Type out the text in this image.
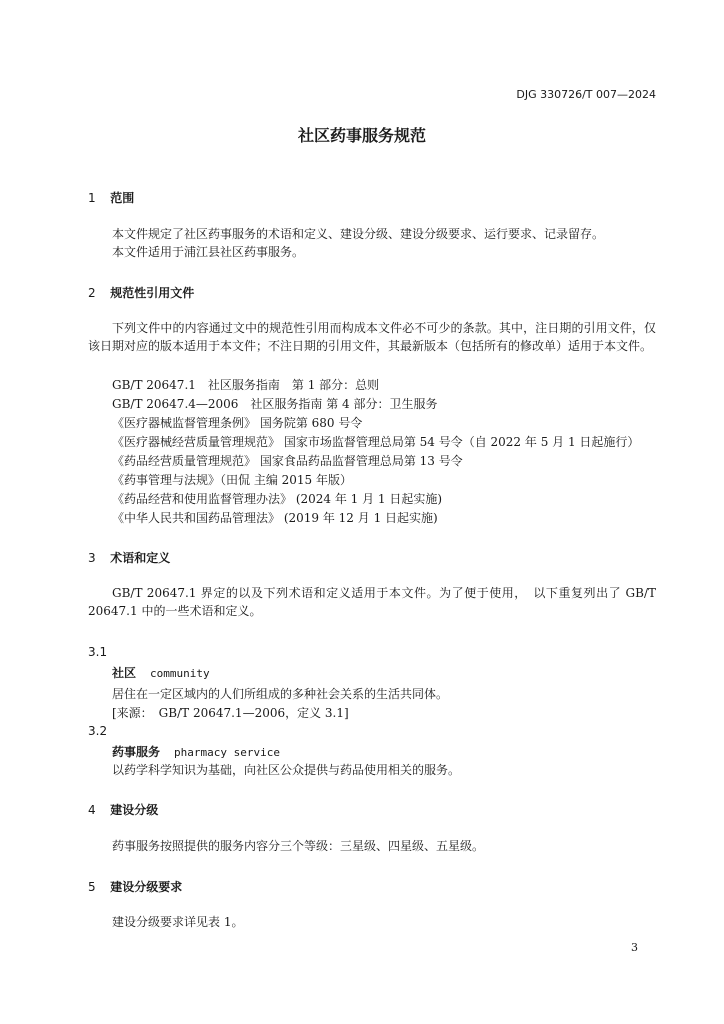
DJG 330726/T 007—2024
社区药事服务规范
1 范围
本文件规定了社区药事服务的术语和定义、建设分级、建设分级要求、运行要求、记录留存。
本文件适用于浦江县社区药事服务。
2 规范性引用文件
下列文件中的内容通过文中的规范性引用而构成本文件必不可少的条款。其中，注日期的引用文件，仅该日期对应的版本适用于本文件；不注日期的引用文件，其最新版本（包括所有的修改单）适用于本文件。
GB/T 20647.1　社区服务指南　第 1 部分：总则
GB/T 20647.4—2006　社区服务指南 第 4 部分：卫生服务
《医疗器械监督管理条例》 国务院第 680 号令
《医疗器械经营质量管理规范》 国家市场监督管理总局第 54 号令（自 2022 年 5 月 1 日起施行）
《药品经营质量管理规范》 国家食品药品监督管理总局第 13 号令
《药事管理与法规》（田侃 主编 2015 年版）
《药品经营和使用监督管理办法》 (2024 年 1 月 1 日起实施)
《中华人民共和国药品管理法》 (2019 年 12 月 1 日起实施)
3 术语和定义
GB/T 20647.1 界定的以及下列术语和定义适用于本文件。为了便于使用，　以下重复列出了 GB/T 20647.1 中的一些术语和定义。
3.1
社区 community
居住在一定区域内的人们所组成的多种社会关系的生活共同体。
[来源：　GB/T 20647.1—2006，定义 3.1]
3.2
药事服务 pharmacy service
以药学科学知识为基础，向社区公众提供与药品使用相关的服务。
4 建设分级
药事服务按照提供的服务内容分三个等级：三星级、四星级、五星级。
5 建设分级要求
建设分级要求详见表 1。
3
